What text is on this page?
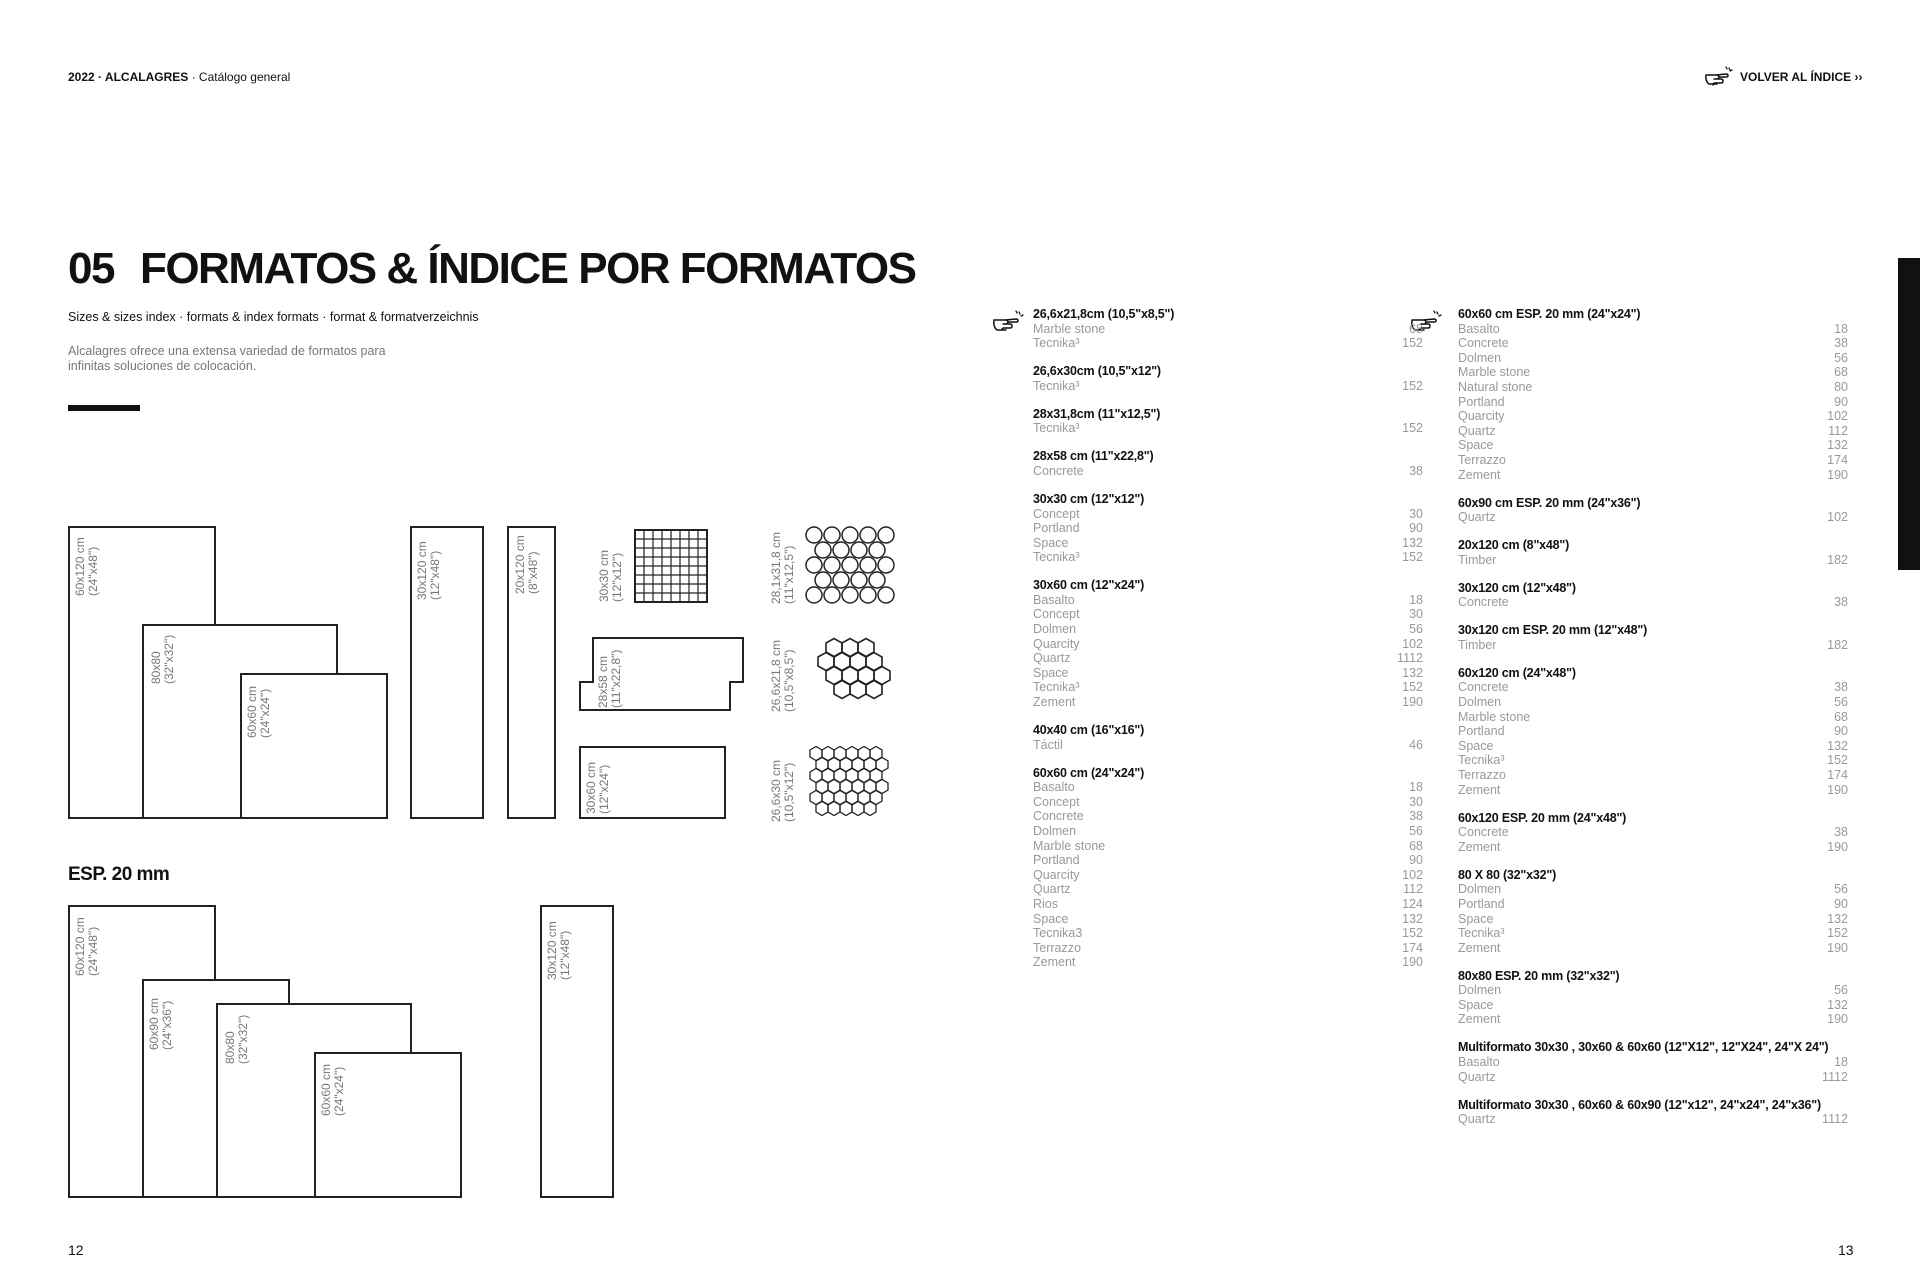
2022 · ALCALAGRES · Catálogo general	VOLVER AL ÍNDICE ››
05 FORMATOS & ÍNDICE POR FORMATOS
Sizes & sizes index · formats & index formats · format & formatverzeichnis
Alcalagres ofrece una extensa variedad de formatos para
infinitas soluciones de colocación.
60x120 cm (24"x48")
80x80 (32"x32")
60x60 cm (24"x24")
30x120 cm (12"x48")	20x120 cm (8"x48")	30x30 cm (12"x12")
28x58 cm (11"x22,8")
30x60 cm (12"x24")
28,1x31,8 cm (11"x12,5")
26,6x21,8 cm (10,5"x8,5")
26,6x30 cm (10,5"x12")
ESP. 20 mm
60x120 cm (24"x48")
60x90 cm (24"x36")	80x80 (32"x32")
60x60 cm (24"x24")
30x120 cm (12"x48")
12	13
26,6x21,8cm (10,5"x8,5")
Marble stone	68
Tecnika³	152
26,6x30cm (10,5"x12")
Tecnika³	152
28x31,8cm (11"x12,5")
Tecnika³	152
28x58 cm (11"x22,8")
Concrete	38
30x30 cm (12"x12")
Concept	30
Portland	90
Space	132
Tecnika³	152
30x60 cm (12"x24")
Basalto	18
Concept	30
Dolmen	56
Quarcity	102
Quartz	1112
Space	132
Tecnika³	152
Zement	190
40x40 cm (16"x16")
Táctil	46
60x60 cm (24"x24")
Basalto	18
Concept	30
Concrete	38
Dolmen	56
Marble stone	68
Portland	90
Quarcity	102
Quartz	112
Rios	124
Space	132
Tecnika3	152
Terrazzo	174
Zement	190
60x60 cm ESP. 20 mm (24"x24")
Basalto	18
Concrete	38
Dolmen	56
Marble stone	68
Natural stone	80
Portland	90
Quarcity	102
Quartz	112
Space	132
Terrazzo	174
Zement	190
60x90 cm ESP. 20 mm (24"x36")
Quartz	102
20x120 cm (8"x48")
Timber	182
30x120 cm (12"x48")
Concrete	38
30x120 cm ESP. 20 mm (12"x48")
Timber	182
60x120 cm (24"x48")
Concrete	38
Dolmen	56
Marble stone	68
Portland	90
Space	132
Tecnika³	152
Terrazzo	174
Zement	190
60x120 ESP. 20 mm (24"x48")
Concrete	38
Zement	190
80 X 80 (32"x32")
Dolmen	56
Portland	90
Space	132
Tecnika³	152
Zement	190
80x80 ESP. 20 mm (32"x32")
Dolmen	56
Space	132
Zement	190
Multiformato 30x30 , 30x60 & 60x60 (12"X12", 12"X24", 24"X 24")
Basalto	18
Quartz	1112
Multiformato 30x30 , 60x60 & 60x90 (12"x12", 24"x24", 24"x36")
Quartz	1112
